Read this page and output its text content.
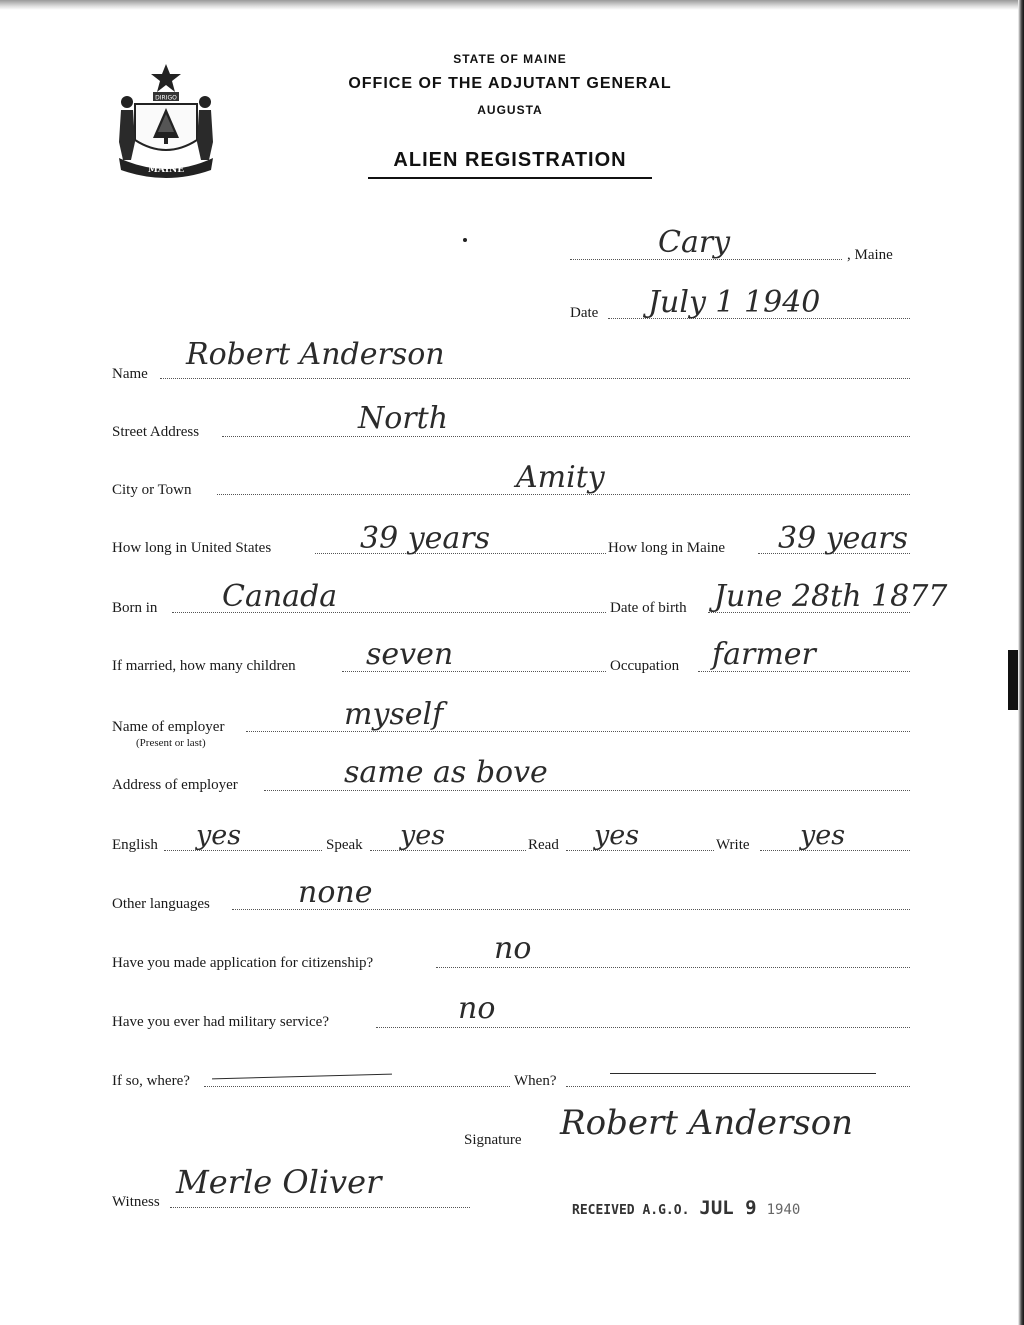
DIRIGO
MAINE
STATE OF MAINE
OFFICE OF THE ADJUTANT GENERAL
AUGUSTA
ALIEN REGISTRATION
Cary	, Maine
Date July 1 1940
Name
Robert Anderson
Street Address	North
City or Town	Amity
How long in United States	39 years	How long in Maine 39 years
Born in Canada	Date of birth June 28th 1877
If married, how many children seven	Occupation farmer
Name of employer
(Present or last)
myself
Address of employer	same as bove
English yes	Speak yes	Read yes	Write yes
Other languages	none
Have you made application for citizenship?	no
Have you ever had military service?	no
If so, where?	When?
Signature Robert Anderson
Witness
Merle Oliver
RECEIVED A.G.O. JUL 9 1940
